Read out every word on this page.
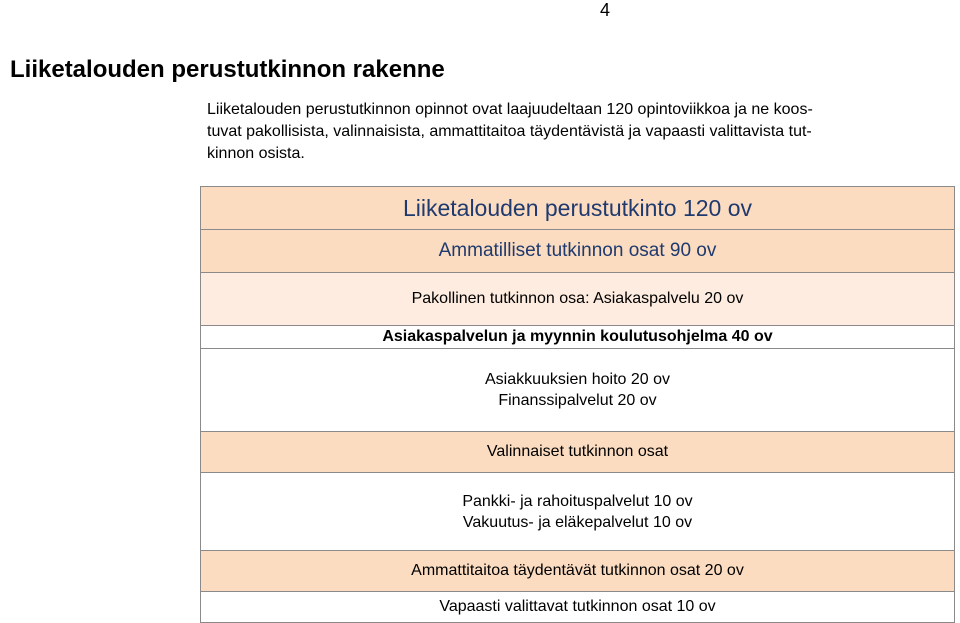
4
Liiketalouden perustutkinnon rakenne

Liiketalouden perustutkinnon opinnot ovat laajuudeltaan 120 opintoviikkoa ja ne koos-
tuvat pakollisista, valinnaisista, ammattitaitoa täydentävistä ja vapaasti valittavista tut-
kinnon osista.

Liiketalouden perustutkinto 120 ov
Ammatilliset tutkinnon osat 90 ov
Pakollinen tutkinnon osa: Asiakaspalvelu 20 ov
Asiakaspalvelun ja myynnin koulutusohjelma 40 ov
Asiakkuuksien hoito 20 ov
Finanssipalvelut 20 ov
Valinnaiset tutkinnon osat
Pankki- ja rahoituspalvelut 10 ov
Vakuutus- ja eläkepalvelut 10 ov
Ammattitaitoa täydentävät tutkinnon osat 20 ov
Vapaasti valittavat tutkinnon osat 10 ov
